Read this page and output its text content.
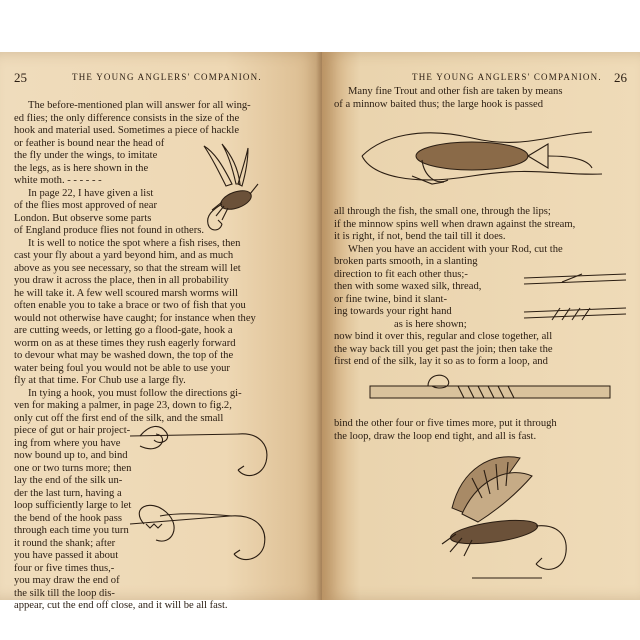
25	THE YOUNG ANGLERS' COMPANION.
The before-mentioned plan will answer for all wing-
ed flies; the only difference consists in the size of the
hook and material used. Sometimes a piece of hackle
or feather is bound near the head of
the fly under the wings, to imitate
the legs, as is here shown in the
white moth. - - - - - -
In page 22, I have given a list
of the flies most approved of near
London. But observe some parts
of England produce flies not found in others.
It is well to notice the spot where a fish rises, then
cast your fly about a yard beyond him, and as much
above as you see necessary, so that the stream will let
you draw it across the place, then in all probability
he will take it. A few well scoured marsh worms will
often enable you to take a brace or two of fish that you
would not otherwise have caught; for instance when they
are cutting weeds, or letting go a flood-gate, hook a
worm on as at these times they rush eagerly forward
to devour what may be washed down, the top of the
water being foul you would not be able to use your
fly at that time. For Chub use a large fly.
In tying a hook, you must follow the directions gi-
ven for making a palmer, in page 23, down to fig.2,
only cut off the first end of the silk, and the small
piece of gut or hair project-
ing from where you have
now bound up to, and bind
one or two turns more; then
lay the end of the silk un-
der the last turn, having a
loop sufficiently large to let
the bend of the hook pass
through each time you turn
it round the shank; after
you have passed it about
four or five times thus,-
you may draw the end of
the silk till the loop dis-
appear, cut the end off close, and it will be all fast.
THE YOUNG ANGLERS' COMPANION. 26
Many fine Trout and other fish are taken by means
of a minnow baited thus; the large hook is passed
all through the fish, the small one, through the lips;
if the minnow spins well when drawn against the stream,
it is right, if not, bend the tail till it does.
When you have an accident with your Rod, cut the
broken parts smooth, in a slanting
direction to fit each other thus;-
then with some waxed silk, thread,
or fine twine, bind it slant-
ing towards your right hand
as is here shown;
now bind it over this, regular and close together, all
the way back till you get past the join; then take the
first end of the silk, lay it so as to form a loop, and
bind the other four or five times more, put it through
the loop, draw the loop end tight, and all is fast.
